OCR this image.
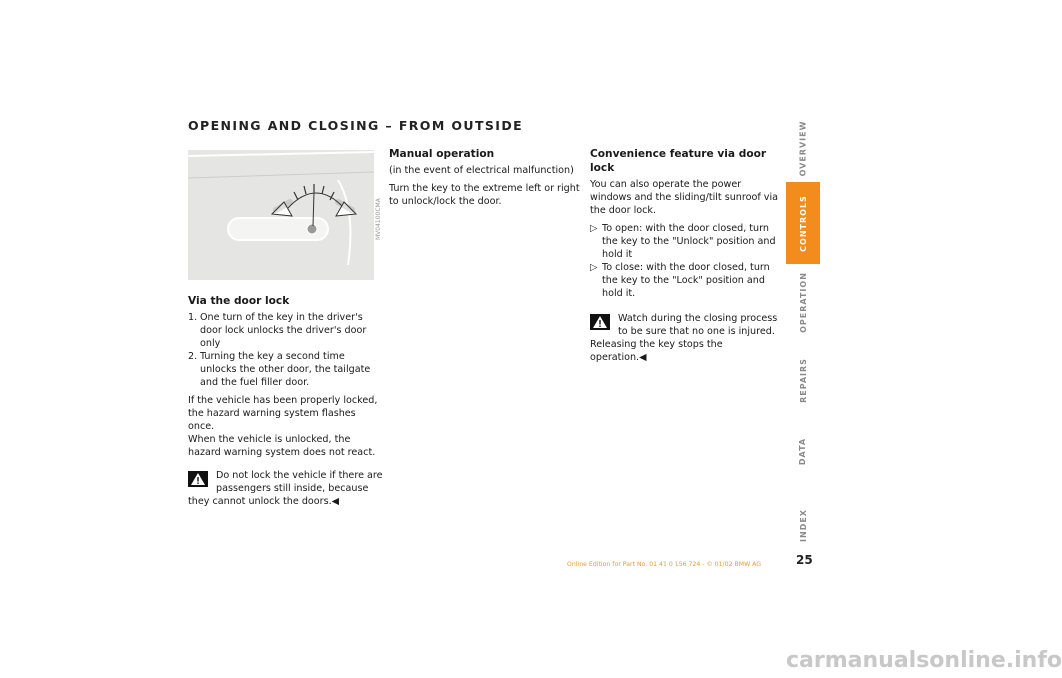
OPENING AND CLOSING – FROM OUTSIDE
MV04100CMA
Via the door lock
1. One turn of the key in the driver's door lock unlocks the driver's door only
2. Turning the key a second time unlocks the other door, the tailgate and the fuel filler door.

If the vehicle has been properly locked, the hazard warning system flashes once.

When the vehicle is unlocked, the hazard warning system does not react.

Do not lock the vehicle if there are passengers still inside, because they cannot unlock the doors.◀
Manual operation

(in the event of electrical malfunction)

Turn the key to the extreme left or right to unlock/lock the door.

Convenience feature via door lock

You can also operate the power windows and the sliding/tilt sunroof via the door lock.

▷ To open: with the door closed, turn the key to the "Unlock" position and hold it
▷ To close: with the door closed, turn the key to the "Lock" position and hold it.
Watch during the closing process to be sure that no one is injured. Releasing the key stops the operation.◀
OVERVIEW
CONTROLS
OPERATION
REPAIRS
DATA
INDEX
25
Online Edition for Part No. 01 41 0 156 724 - © 01/02 BMW AG
carmanualsonline.info
